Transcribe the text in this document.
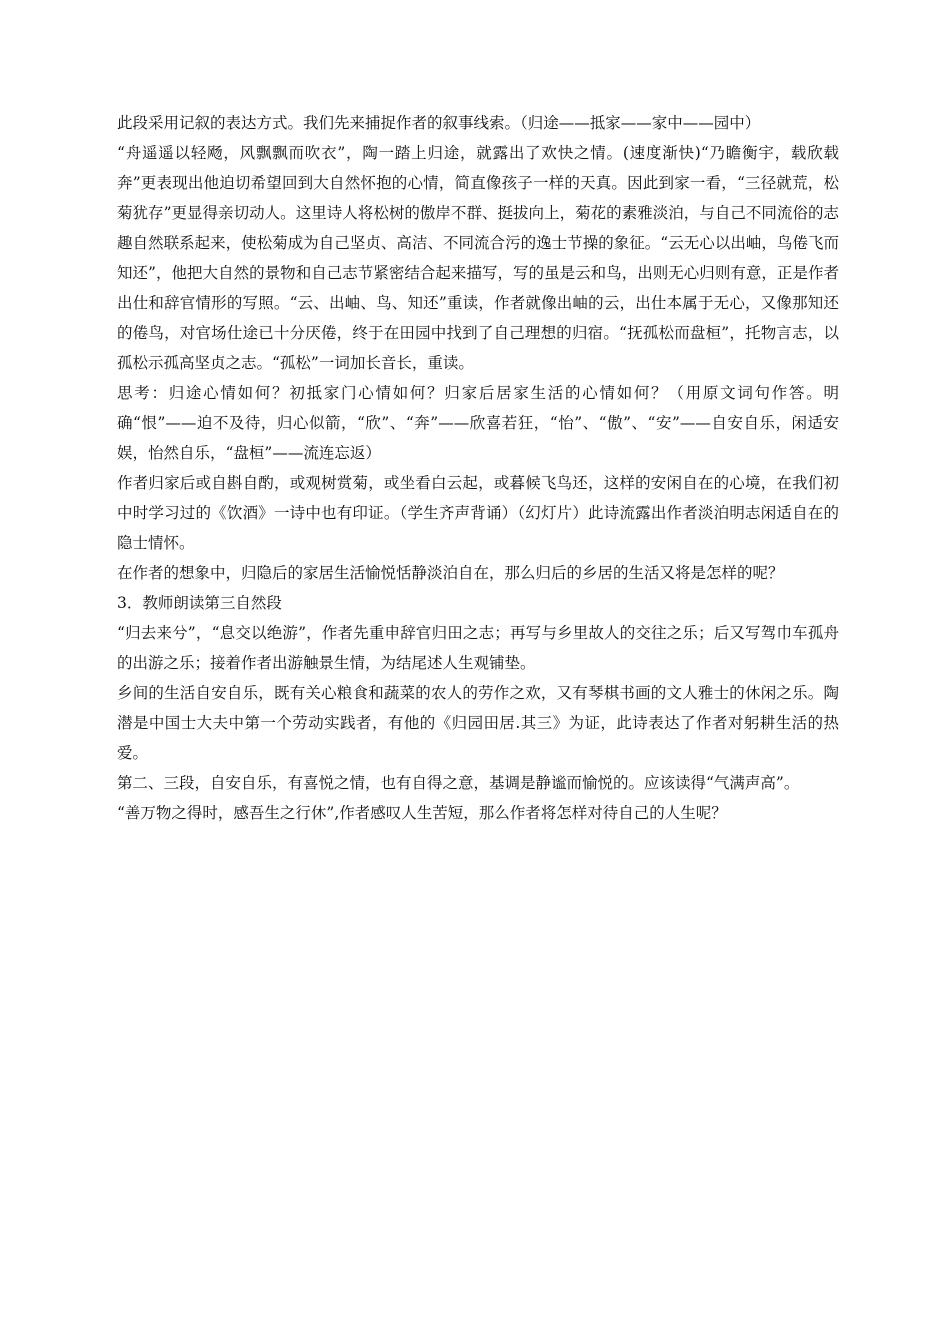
此段采用记叙的表达方式。我们先来捕捉作者的叙事线索。（归途——抵家——家中——园中）

“舟遥遥以轻飏，风飘飘而吹衣”，陶一踏上归途，就露出了欢快之情。(速度渐快)“乃瞻衡宇，载欣载奔”更表现出他迫切希望回到大自然怀抱的心情，简直像孩子一样的天真。因此到家一看，“三径就荒，松菊犹存”更显得亲切动人。这里诗人将松树的傲岸不群、挺拔向上，菊花的素雅淡泊，与自己不同流俗的志趣自然联系起来，使松菊成为自己坚贞、高洁、不同流合污的逸士节操的象征。“云无心以出岫，鸟倦飞而知还”，他把大自然的景物和自己志节紧密结合起来描写，写的虽是云和鸟，出则无心归则有意，正是作者出仕和辞官情形的写照。“云、出岫、鸟、知还”重读，作者就像出岫的云，出仕本属于无心，又像那知还的倦鸟，对官场仕途已十分厌倦，终于在田园中找到了自己理想的归宿。“抚孤松而盘桓”，托物言志，以孤松示孤高坚贞之志。“孤松”一词加长音长，重读。

思考：归途心情如何？初抵家门心情如何？归家后居家生活的心情如何？（用原文词句作答。明确“恨”——迫不及待，归心似箭，“欣”、“奔”——欣喜若狂，“怡”、“傲”、“安”——自安自乐，闲适安娱，怡然自乐，“盘桓”——流连忘返）

作者归家后或自斟自酌，或观树赏菊，或坐看白云起，或暮候飞鸟还，这样的安闲自在的心境，在我们初中时学习过的《饮酒》一诗中也有印证。（学生齐声背诵）（幻灯片）此诗流露出作者淡泊明志闲适自在的隐士情怀。

在作者的想象中，归隐后的家居生活愉悦恬静淡泊自在，那么归后的乡居的生活又将是怎样的呢？

3．教师朗读第三自然段

“归去来兮”，“息交以绝游”，作者先重申辞官归田之志；再写与乡里故人的交往之乐；后又写驾巾车孤舟的出游之乐；接着作者出游触景生情，为结尾述人生观铺垫。

乡间的生活自安自乐，既有关心粮食和蔬菜的农人的劳作之欢，又有琴棋书画的文人雅士的休闲之乐。陶潜是中国士大夫中第一个劳动实践者，有他的《归园田居.其三》为证，此诗表达了作者对躬耕生活的热爱。

第二、三段，自安自乐，有喜悦之情，也有自得之意，基调是静谧而愉悦的。应该读得“气满声高”。

“善万物之得时，感吾生之行休”,作者感叹人生苦短，那么作者将怎样对待自己的人生呢？
